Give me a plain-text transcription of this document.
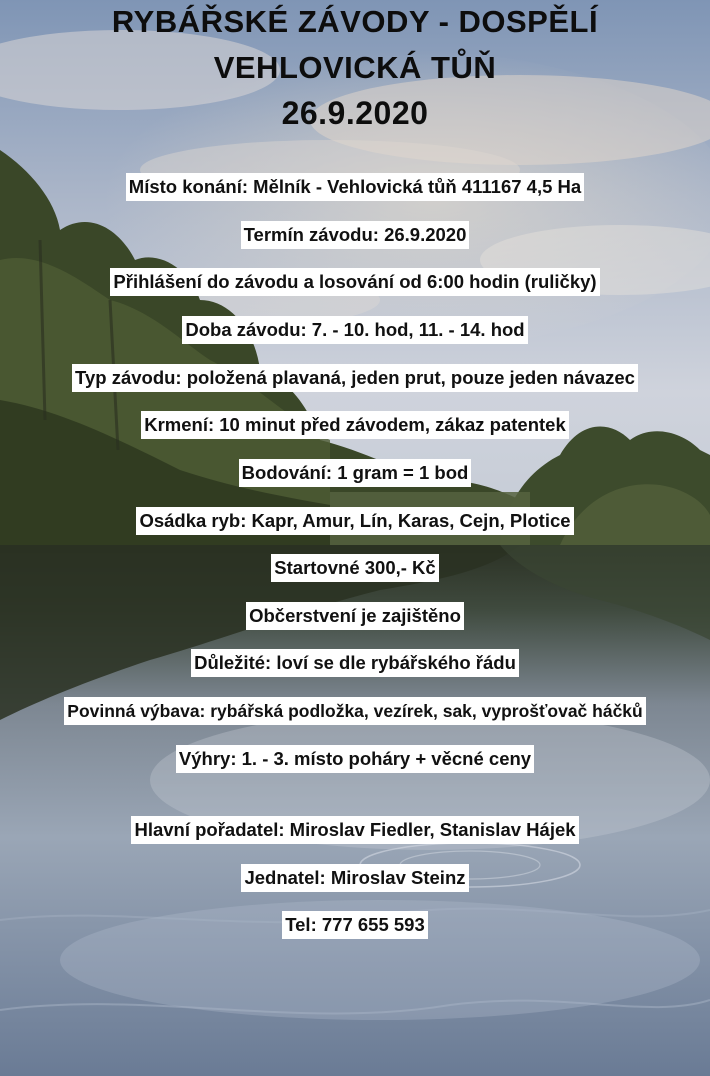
RYBÁŘSKÉ ZÁVODY - DOSPĚLÍ
VEHLOVICKÁ TŮŇ
26.9.2020
Místo konání: Mělník - Vehlovická tůň 411167 4,5 Ha
Termín závodu: 26.9.2020
Přihlášení do závodu a losování od 6:00 hodin (ruličky)
Doba závodu: 7. - 10. hod, 11. - 14. hod
Typ závodu: položená plavaná, jeden prut, pouze jeden návazec
Krmení: 10 minut před závodem, zákaz patentek
Bodování: 1 gram = 1 bod
Osádka ryb: Kapr, Amur, Lín, Karas, Cejn, Plotice
Startovné 300,- Kč
Občerstvení je zajištěno
Důležité: loví se dle rybářského řádu
Povinná výbava: rybářská podložka, vezírek, sak, vyprošťovač háčků
Výhry: 1. - 3. místo poháry + věcné ceny
Hlavní pořadatel: Miroslav Fiedler, Stanislav Hájek
Jednatel: Miroslav Steinz
Tel: 777 655 593
